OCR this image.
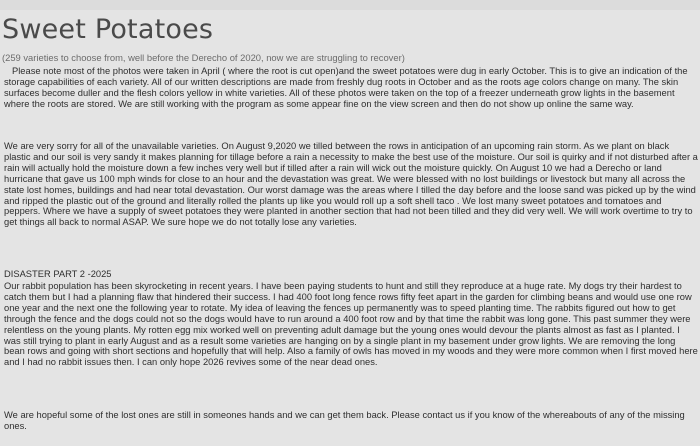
Sweet Potatoes
(259 varieties to choose from, well before the Derecho of 2020, now we are struggling to recover)

Please note most of the photos were taken in April ( where the root is cut open)and the sweet potatoes were dug in early October. This is to give an indication of the storage capabilities of each variety. All of our written descriptions are made from freshly dug roots in October and as the roots age colors change on many. The skin surfaces become duller and the flesh colors yellow in white varieties. All of these photos were taken on the top of a freezer underneath grow lights in the basement where the roots are stored. We are still working with the program as some appear fine on the view screen and then do not show up online the same way.

We are very sorry for all of the unavailable varieties. On August 9,2020 we tilled between the rows in anticipation of an upcoming rain storm. As we plant on black plastic and our soil is very sandy it makes planning for tillage before a rain a necessity to make the best use of the moisture. Our soil is quirky and if not disturbed after a rain will actually hold the moisture down a few inches very well but if tilled after a rain will wick out the moisture quickly. On August 10 we had a Derecho or land hurricane that gave us 100 mph winds for close to an hour and the devastation was great. We were blessed with no lost buildings or livestock but many all across the state lost homes, buildings and had near total devastation. Our worst damage was the areas where I tilled the day before and the loose sand was picked up by the wind and ripped the plastic out of the ground and literally rolled the plants up like you would roll up a soft shell taco . We lost many sweet potatoes and tomatoes and peppers. Where we have a supply of sweet potatoes they were planted in another section that had not been tilled and they did very well. We will work overtime to try to get things all back to normal ASAP. We sure hope we do not totally lose any varieties.

DISASTER PART 2 -2025

Our rabbit population has been skyrocketing in recent years. I have been paying students to hunt and still they reproduce at a huge rate. My dogs try their hardest to catch them but I had a planning flaw that hindered their success. I had 400 foot long fence rows fifty feet apart in the garden for climbing beans and would use one row one year and the next one the following year to rotate. My idea of leaving the fences up permanently was to speed planting time. The rabbits figured out how to get through the fence and the dogs could not so the dogs would have to run around a 400 foot row and by that time the rabbit was long gone. This past summer they were relentless on the young plants. My rotten egg mix worked well on preventing adult damage but the young ones would devour the plants almost as fast as I planted. I was still trying to plant in early August and as a result some varieties are hanging on by a single plant in my basement under grow lights. We are removing the long bean rows and going with short sections and hopefully that will help. Also a family of owls has moved in my woods and they were more common when I first moved here and I had no rabbit issues then. I can only hope 2026 revives some of the near dead ones.

We are hopeful some of the lost ones are still in someones hands and we can get them back. Please contact us if you know of the whereabouts of any of the missing ones.
